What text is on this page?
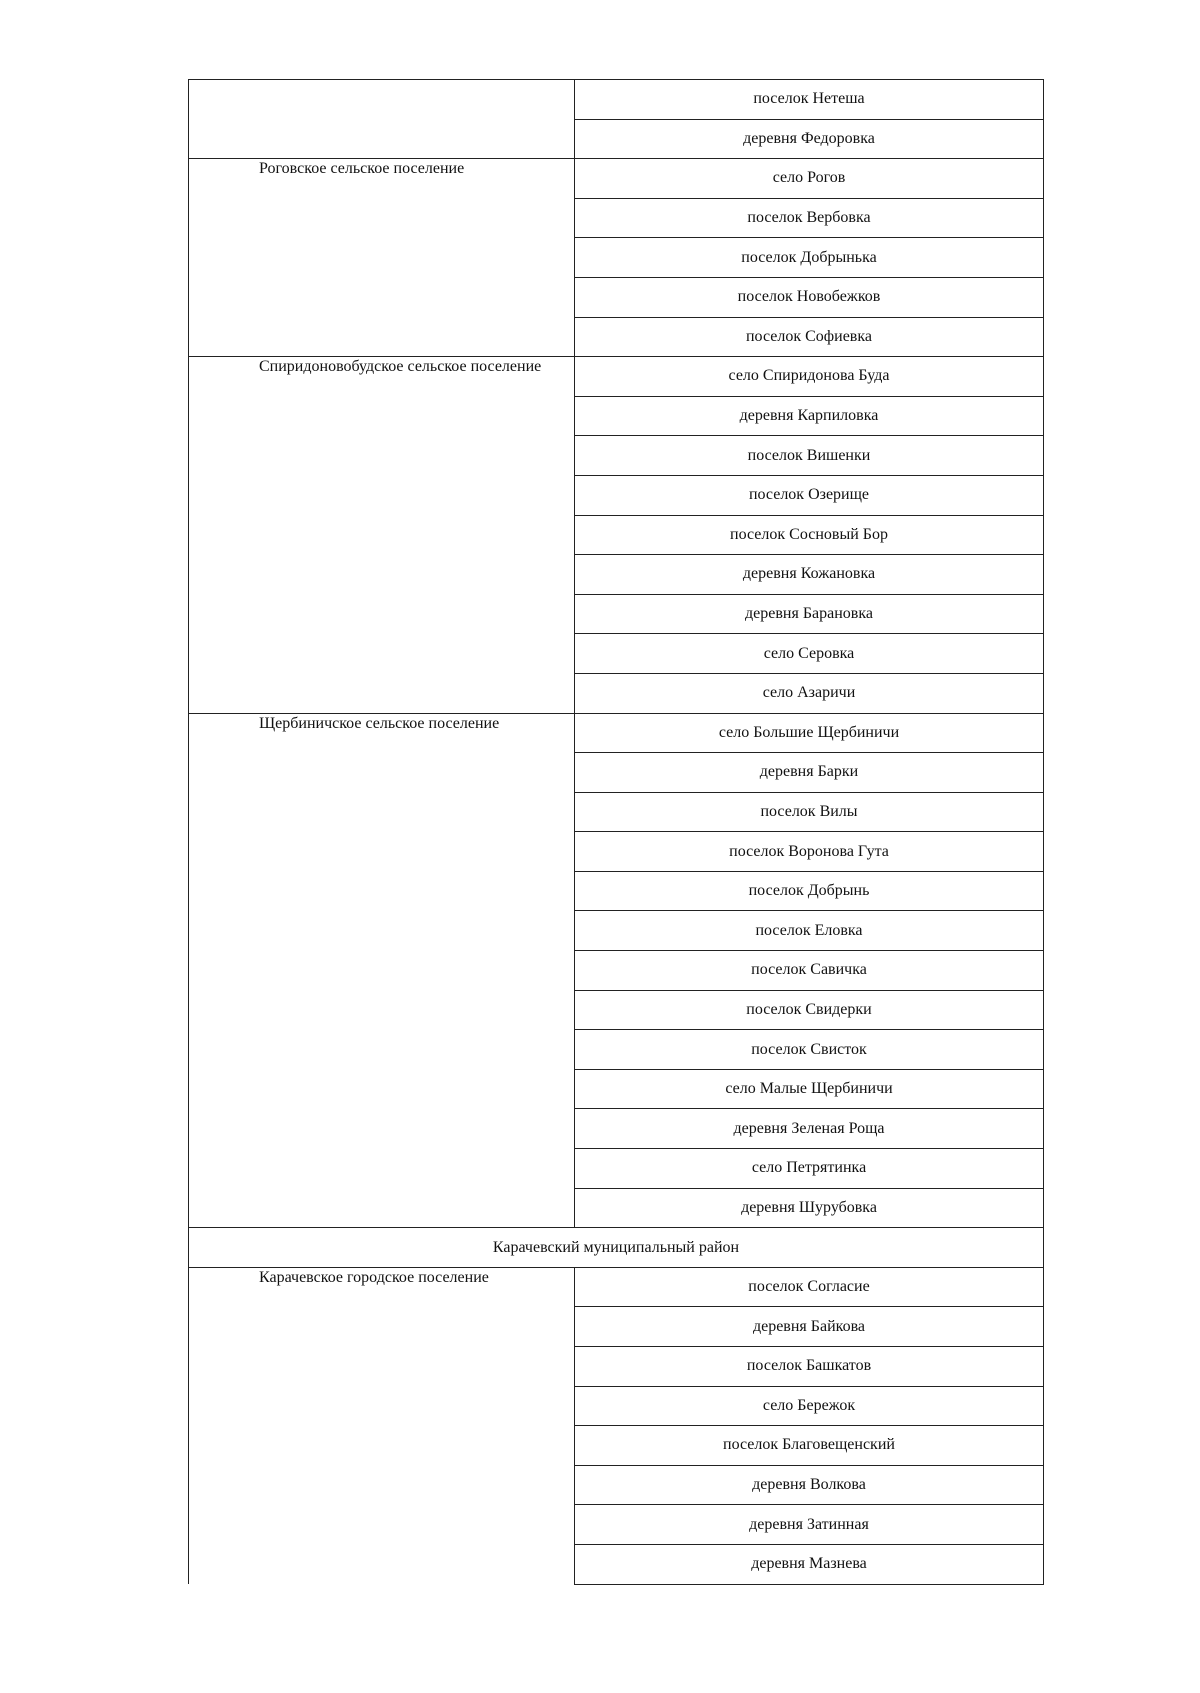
	поселок Нетеша
	деревня Федоровка

Роговское сельское поселение	село Рогов
	поселок Вербовка
	поселок Добрынька
	поселок Новобежков
	поселок Софиевка

Спиридоновобудское сельское поселение	село Спиридонова Буда
	деревня Карпиловка
	поселок Вишенки
	поселок Озерище
	поселок Сосновый Бор
	деревня Кожановка
	деревня Барановка
	село Серовка
	село Азаричи

Щербиничское сельское поселение	село Большие Щербиничи
	деревня Барки
	поселок Вилы
	поселок Воронова Гута
	поселок Добрынь
	поселок Еловка
	поселок Савичка
	поселок Свидерки
	поселок Свисток
	село Малые Щербиничи
	деревня Зеленая Роща
	село Петрятинка
	деревня Шурубовка
Карачевский муниципальный район	

Карачевское городское поселение	поселок Согласие
	деревня Байкова
	поселок Башкатов
	село Бережок
	поселок Благовещенский
	деревня Волкова
	деревня Затинная
	деревня Мазнева
